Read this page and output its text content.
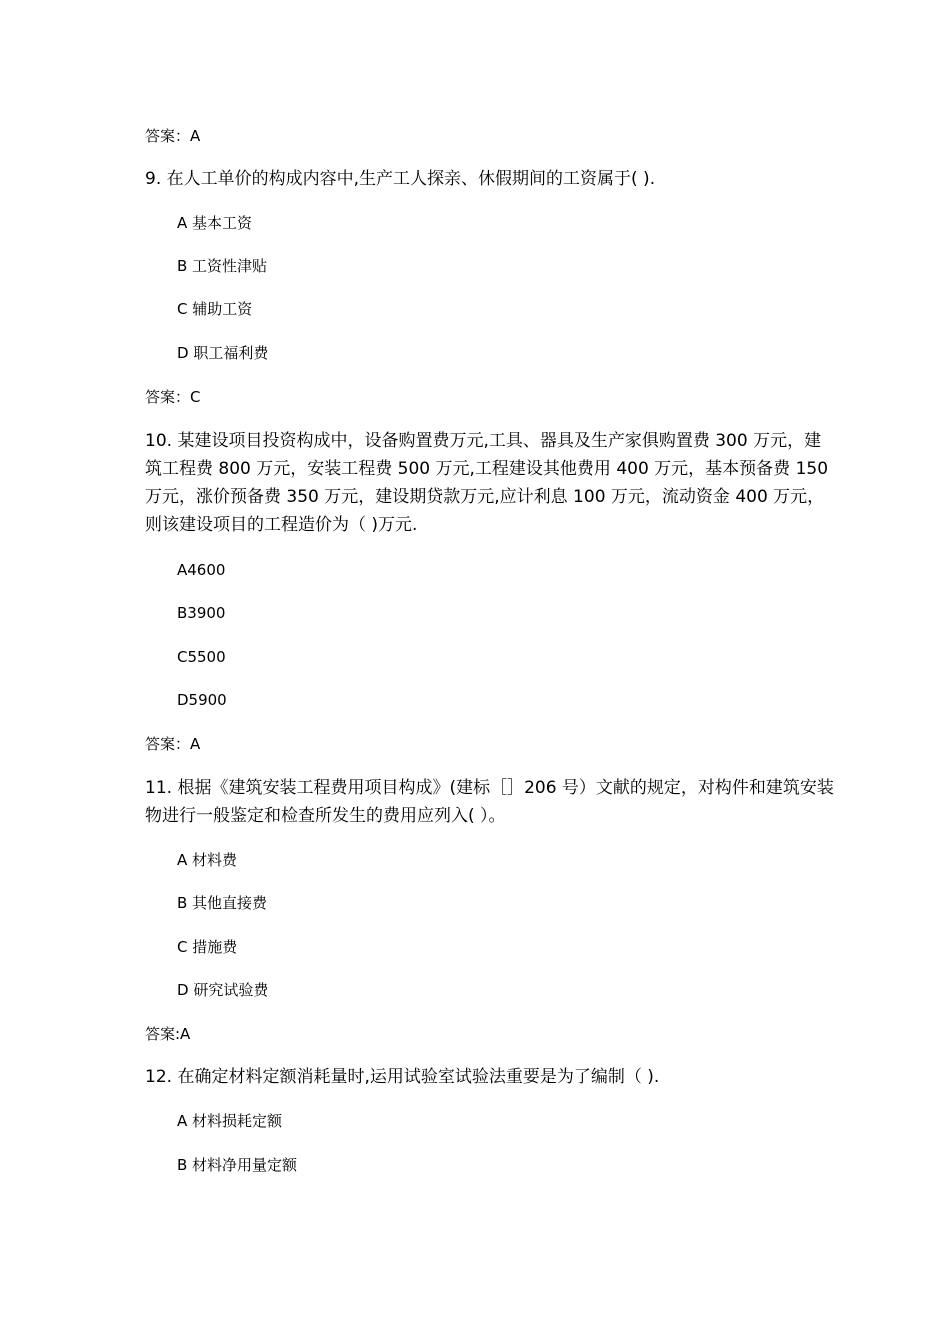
答案：A
9. 在人工单价的构成内容中,生产工人探亲、休假期间的工资属于( ).
A 基本工资
B 工资性津贴
C 辅助工资
D 职工福利费
答案：C
10. 某建设项目投资构成中，设备购置费万元,工具、器具及生产家俱购置费 300 万元，建筑工程费 800 万元，安装工程费 500 万元,工程建设其他费用 400 万元，基本预备费 150 万元，涨价预备费 350 万元，建设期贷款万元,应计利息 100 万元，流动资金 400 万元，则该建设项目的工程造价为（ )万元.
A4600
B3900
C5500
D5900
答案：A
11. 根据《建筑安装工程费用项目构成》(建标［］206 号）文献的规定，对构件和建筑安装物进行一般鉴定和检查所发生的费用应列入( ）。
A 材料费
B 其他直接费
C 措施费
D 研究试验费
答案:A
12. 在确定材料定额消耗量时,运用试验室试验法重要是为了编制（ ).
A 材料损耗定额
B 材料净用量定额
